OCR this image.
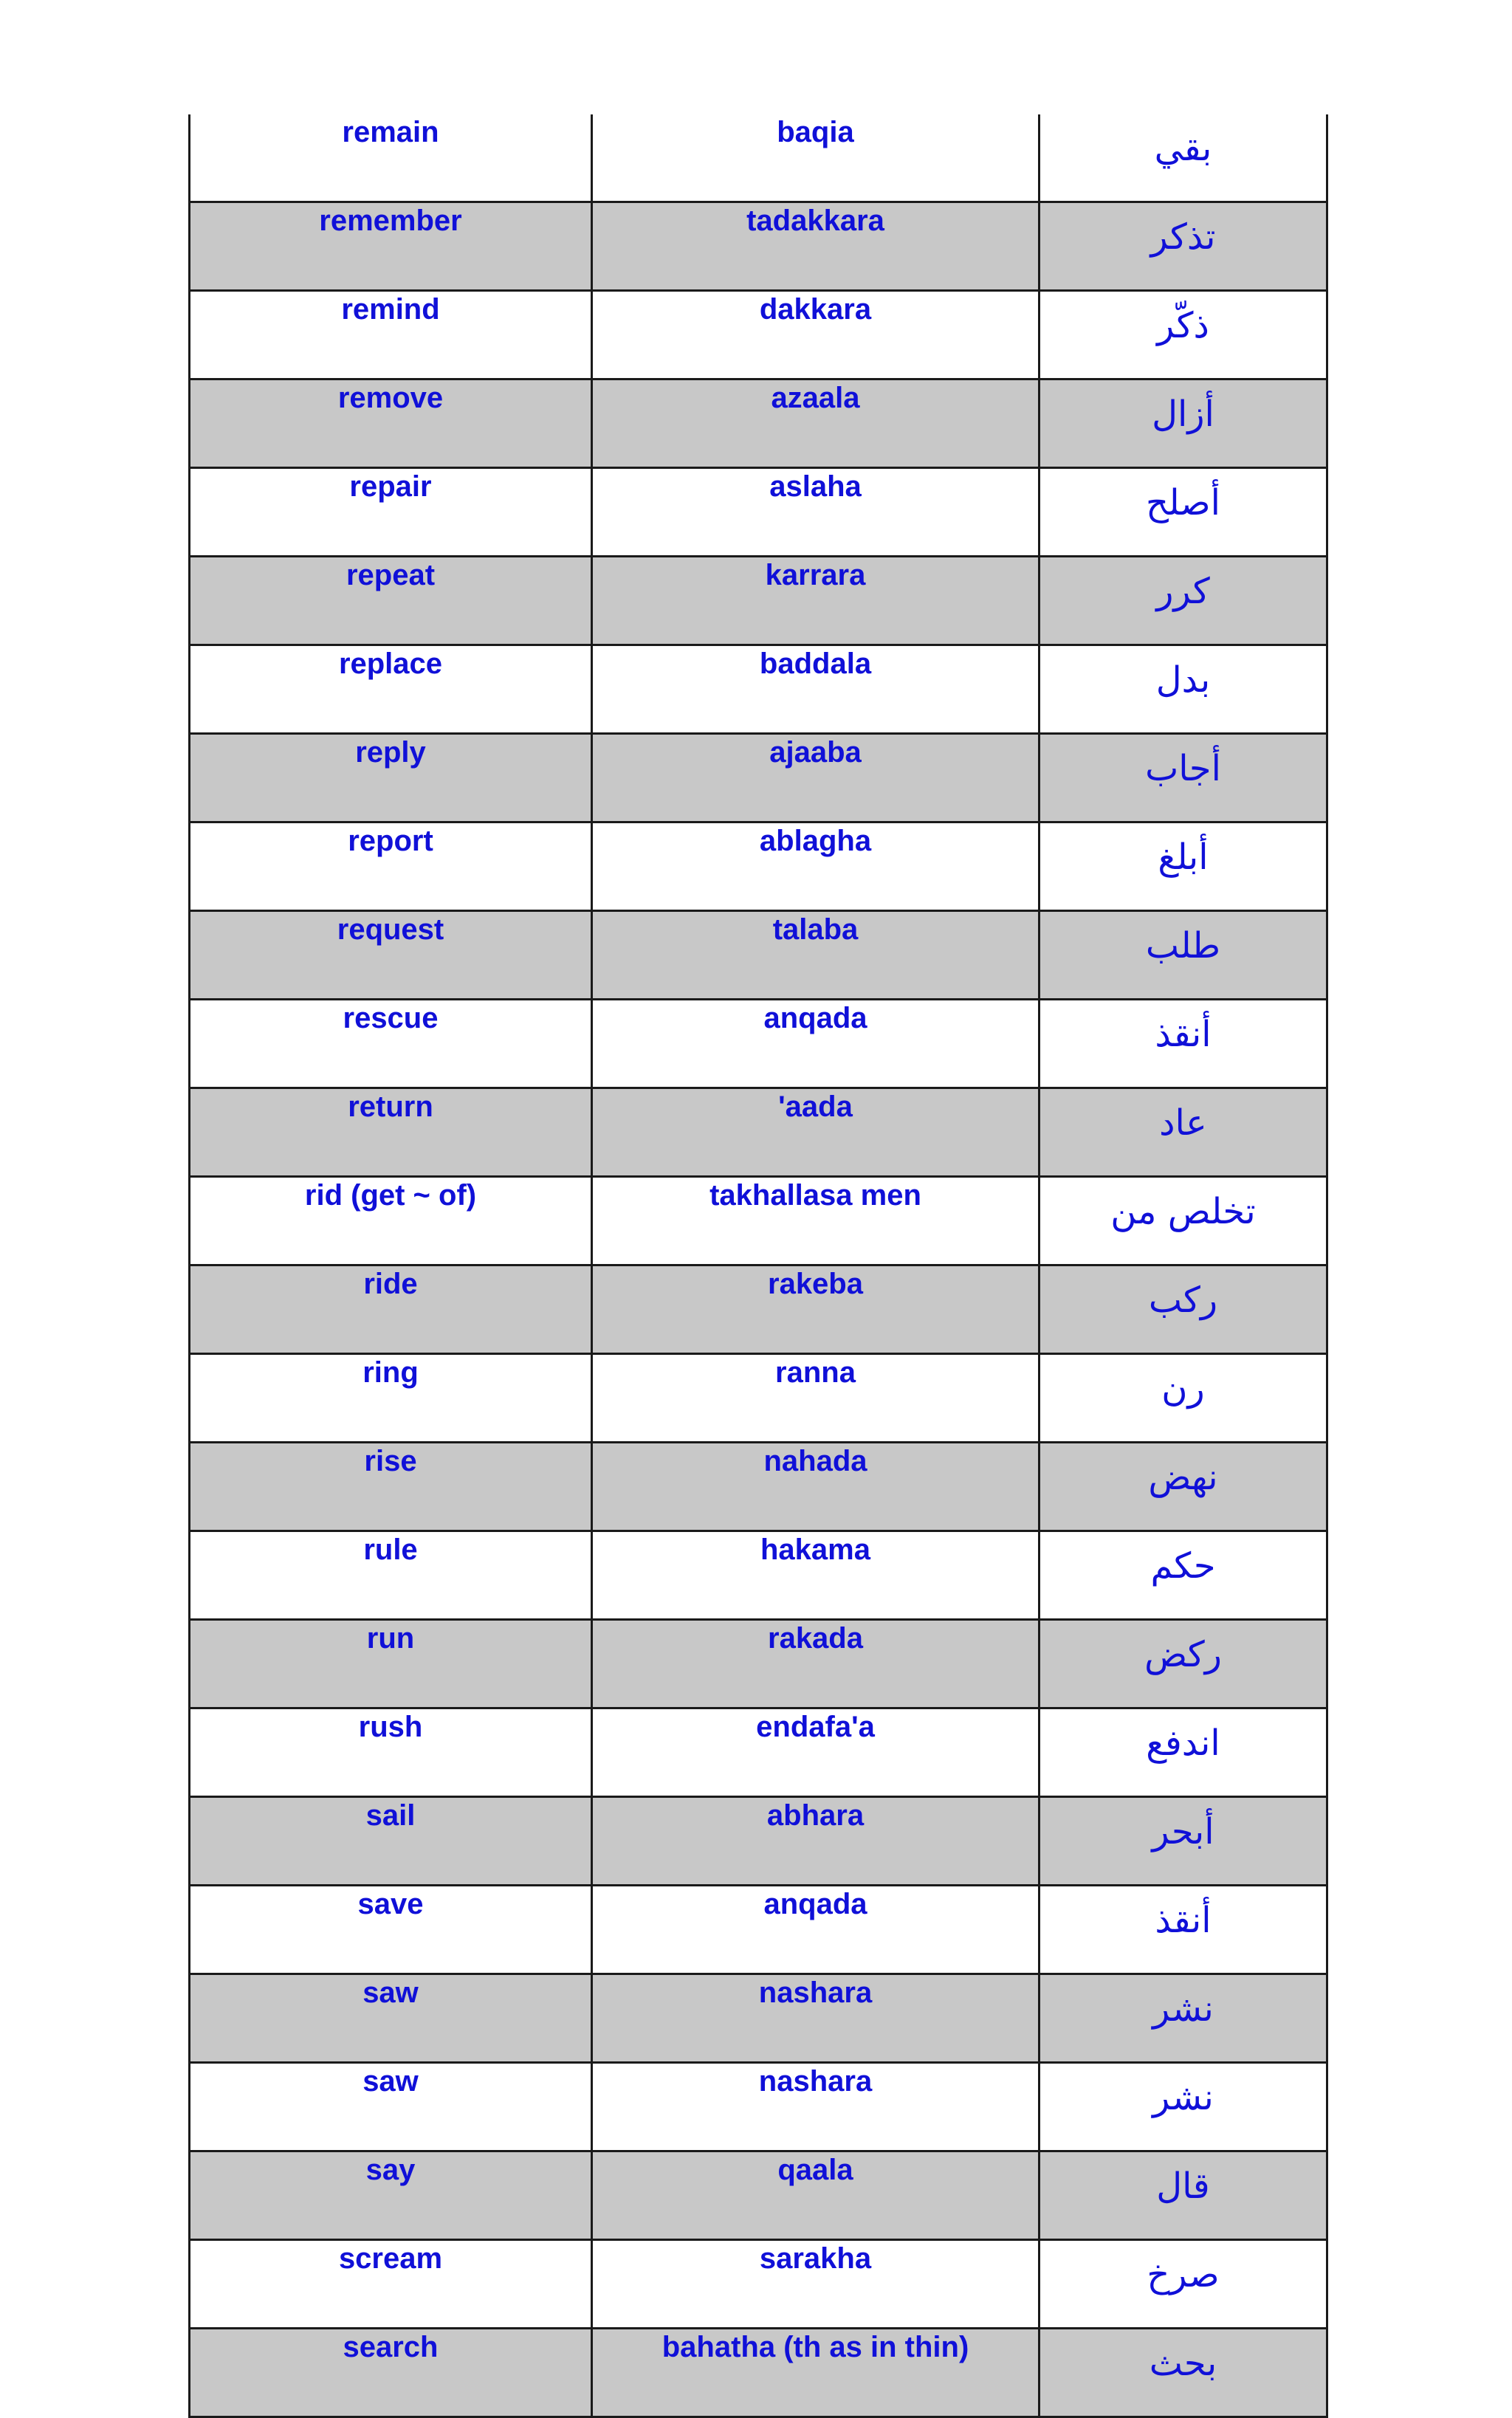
remain	baqia	بقي
remember	tadakkara	تذكر
remind	dakkara	ذكّر
remove	azaala	أزال
repair	aslaha	أصلح
repeat	karrara	كرر
replace	baddala	بدل
reply	ajaaba	أجاب
report	ablagha	أبلغ
request	talaba	طلب
rescue	anqada	أنقذ
return	'aada	عاد
rid (get ~ of)	takhallasa men	تخلص من
ride	rakeba	ركب
ring	ranna	رن
rise	nahada	نهض
rule	hakama	حكم
run	rakada	ركض
rush	endafa'a	اندفع
sail	abhara	أبحر
save	anqada	أنقذ
saw	nashara	نشر
saw	nashara	نشر
say	qaala	قال
scream	sarakha	صرخ
search	bahatha (th as in thin)	بحث
